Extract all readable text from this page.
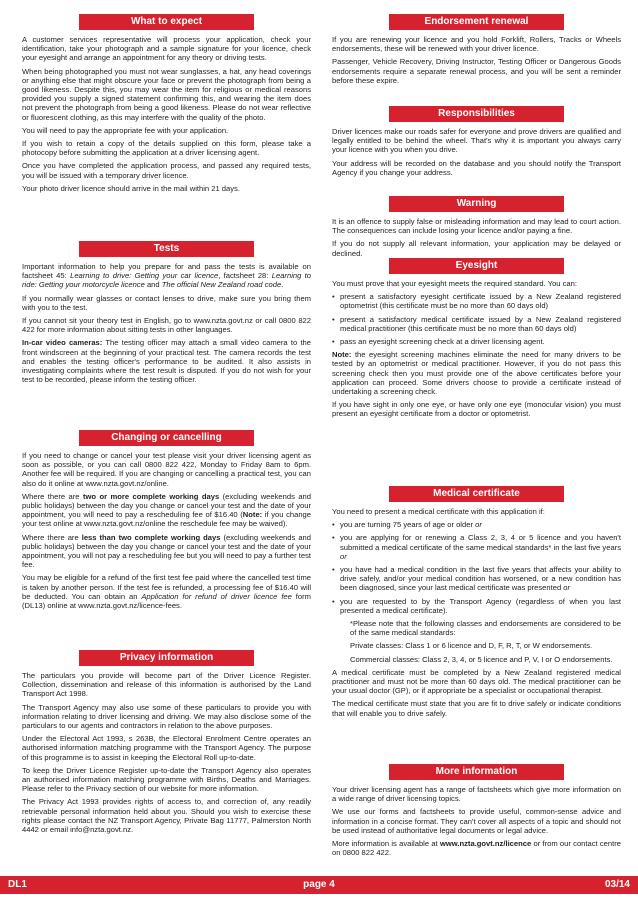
What to expect

A customer services representative will process your application, check your identification, take your photograph and a sample signature for your licence, check your eyesight and arrange an appointment for any theory or driving tests.

When being photographed you must not wear sunglasses, a hat, any head coverings or anything else that might obscure your face or prevent the photograph from being a good likeness. Despite this, you may wear the item for religious or medical reasons provided you supply a signed statement confirming this, and wearing the item does not prevent the photograph from being a good likeness. Please do not wear reflective or fluorescent clothing, as this may interfere with the quality of the photo.

You will need to pay the appropriate fee with your application.

If you wish to retain a copy of the details supplied on this form, please take a photocopy before submitting the application at a driver licensing agent.

Once you have completed the application process, and passed any required tests, you will be issued with a temporary driver licence.

Your photo driver licence should arrive in the mail within 21 days.

Tests

Important information to help you prepare for and pass the tests is available on factsheet 45: Learning to drive: Getting your car licence, factsheet 28: Learning to ride: Getting your motorcycle licence and The official New Zealand road code.

If you normally wear glasses or contact lenses to drive, make sure you bring them with you to the test.

If you cannot sit your theory test in English, go to www.nzta.govt.nz or call 0800 822 422 for more information about sitting tests in other languages.

In-car video cameras: The testing officer may attach a small video camera to the front windscreen at the beginning of your practical test. The camera records the test and enables the testing officer's performance to be audited. It also assists in investigating complaints where the test result is disputed. If you do not wish for your test to be recorded, please inform the testing officer.

Changing or cancelling

If you need to change or cancel your test please visit your driver licensing agent as soon as possible, or you can call 0800 822 422, Monday to Friday 8am to 6pm. Another fee will be required. If you are changing or cancelling a practical test, you can also do it online at www.nzta.govt.nz/online.

Where there are two or more complete working days (excluding weekends and public holidays) between the day you change or cancel your test and the date of your appointment, you will need to pay a rescheduling fee of $16.40 (Note: if you change your test online at www.nzta.govt.nz/online the reschedule fee may be waived).

Where there are less than two complete working days (excluding weekends and public holidays) between the day you change or cancel your test and the date of your appointment, you will not pay a rescheduling fee but you will need to pay a further test fee.

You may be eligible for a refund of the first test fee paid where the cancelled test time is taken by another person. If the test fee is refunded, a processing fee of $16.40 will be deducted. You can obtain an Application for refund of driver licence fee form (DL13) online at www.nzta.govt.nz/licence-fees.

Privacy information

The particulars you provide will become part of the Driver Licence Register. Collection, dissemination and release of this information is authorised by the Land Transport Act 1998.

The Transport Agency may also use some of these particulars to provide you with information relating to driver licensing and driving. We may also disclose some of the particulars to our agents and contractors in relation to the above purposes.

Under the Electoral Act 1993, s 263B, the Electoral Enrolment Centre operates an authorised information matching programme with the Transport Agency. The purpose of this programme is to assist in keeping the Electoral Roll up-to-date.

To keep the Driver Licence Register up-to-date the Transport Agency also operates an authorised information matching programme with Births, Deaths and Marriages. Please refer to the Privacy section of our website for more information.

The Privacy Act 1993 provides rights of access to, and correction of, any readily retrievable personal information held about you. Should you wish to exercise these rights please contact the NZ Transport Agency, Private Bag 11777, Palmerston North 4442 or email info@nzta.govt.nz.

Endorsement renewal

If you are renewing your licence and you hold Forklift, Rollers, Tracks or Wheels endorsements, these will be renewed with your driver licence.

Passenger, Vehicle Recovery, Driving Instructor, Testing Officer or Dangerous Goods endorsements require a separate renewal process, and you will be sent a reminder before these expire.

Responsibilities

Driver licences make our roads safer for everyone and prove drivers are qualified and legally entitled to be behind the wheel. That's why it is important you always carry your licence with you when you drive.

Your address will be recorded on the database and you should notify the Transport Agency if you change your address.

Warning

It is an offence to supply false or misleading information and may lead to court action. The consequences can include losing your licence and/or paying a fine.

If you do not supply all relevant information, your application may be delayed or declined.

Eyesight

You must prove that your eyesight meets the required standard. You can:

• present a satisfactory eyesight certificate issued by a New Zealand registered optometrist (this certificate must be no more than 60 days old)

• present a satisfactory medical certificate issued by a New Zealand registered medical practitioner (this certificate must be no more than 60 days old)

• pass an eyesight screening check at a driver licensing agent.

Note: the eyesight screening machines eliminate the need for many drivers to be tested by an optometrist or medical practitioner. However, if you do not pass this screening check then you must provide one of the above certificates before your application can proceed. Some drivers choose to provide a certificate instead of undertaking a screening check.

If you have sight in only one eye, or have only one eye (monocular vision) you must present an eyesight certificate from a doctor or optometrist.

Medical certificate

You need to present a medical certificate with this application if:

• you are turning 75 years of age or older or

• you are applying for or renewing a Class 2, 3, 4 or 5 licence and you haven't submitted a medical certificate of the same medical standards* in the last five years or

• you have had a medical condition in the last five years that affects your ability to drive safely, and/or your medical condition has worsened, or a new condition has been diagnosed, since your last medical certificate was presented or

• you are requested to by the Transport Agency (regardless of when you last presented a medical certificate).

*Please note that the following classes and endorsements are considered to be of the same medical standards:

Private classes: Class 1 or 6 licence and D, F, R, T, or W endorsements.

Commercial classes: Class 2, 3, 4, or 5 licence and P, V, I or O endorsements.

A medical certificate must be completed by a New Zealand registered medical practitioner and must not be more than 60 days old. The medical practitioner can be your usual doctor (GP), or if appropriate be a specialist or occupational therapist.

The medical certificate must state that you are fit to drive safely or indicate conditions that will enable you to drive safely.

More information

Your driver licensing agent has a range of factsheets which give more information on a wide range of driver licensing topics.

We use our forms and factsheets to provide useful, common-sense advice and information in a concise format. They can't cover all aspects of a topic and should not be used instead of authoritative legal documents or legal advice.

More information is available at www.nzta.govt.nz/licence or from our contact centre on 0800 822 422.

DL1	page 4	03/14
